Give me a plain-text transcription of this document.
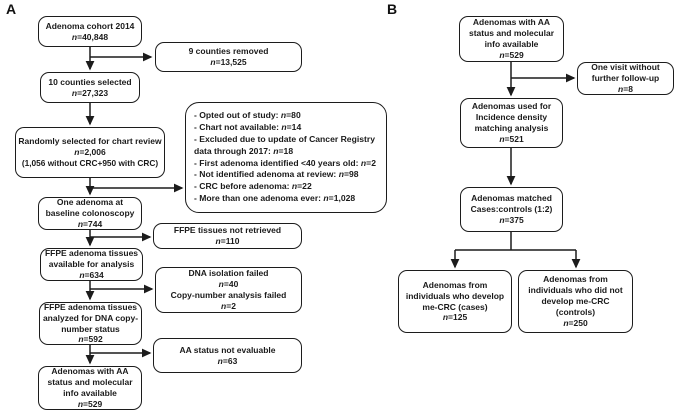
A	B
Adenoma cohort 2014
n=40,848
9 counties removed
n=13,525
10 counties selected
n=27,323
Randomly selected for chart review
n=2,006
(1,056 without CRC+950 with CRC)
- Opted out of study: n=80
- Chart not available: n=14
- Excluded due to update of Cancer Registry data through 2017: n=18
- First adenoma identified <40 years old: n=2
- Not identified adenoma at review: n=98
- CRC before adenoma: n=22
- More than one adenoma ever: n=1,028
One adenoma at baseline colonoscopy
n=744
FFPE tissues not retrieved
n=110
FFPE adenoma tissues available for analysis
n=634	DNA isolation failed
n=40
Copy-number analysis failed
n=2
FFPE adenoma tissues analyzed for DNA copy-number status
n=592
AA status not evaluable
n=63
Adenomas with AA status and molecular info available
n=529
Adenomas with AA status and molecular info available
n=529
One visit without further follow-up
n=8
Adenomas used for Incidence density matching analysis
n=521
Adenomas matched Cases:controls (1:2)
n=375
Adenomas from individuals who develop me-CRC (cases)
n=125
Adenomas from individuals who did not develop me-CRC (controls)
n=250
